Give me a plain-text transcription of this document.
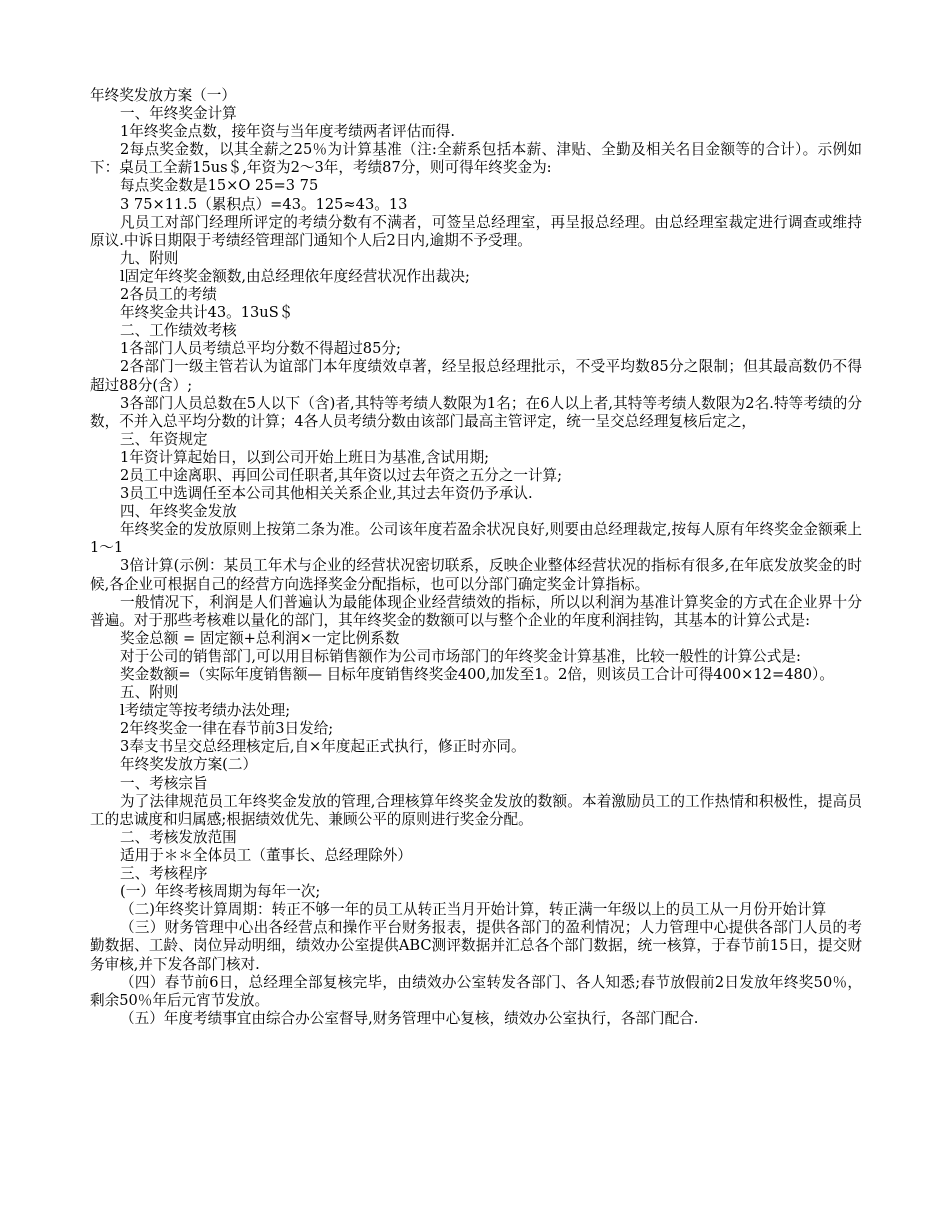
年终奖发放方案（一）

一、年终奖金计算

1年终奖金点数，接年资与当年度考绩两者评估而得.

2每点奖金数，以其全薪之25％为计算基准（注:全薪系包括本薪、津贴、全勤及相关名目金额等的合计）。示例如下：桌员工全薪15us＄,年资为2～3年，考绩87分，则可得年终奖金为:

每点奖金数是15×O 25=3 75

3 75×11.5（累积点）=43。125≈43。13

凡员工对部门经理所评定的考绩分数有不满者，可签呈总经理室，再呈报总经理。由总经理室裁定进行调查或维持原议.中诉日期限于考绩经管理部门通知个人后2日内,逾期不予受理。

九、附则

l固定年终奖金额数,由总经理依年度经营状况作出裁决;

2各员工的考绩

年终奖金共计43。13uS＄

二、工作绩效考核

1各部门人员考绩总平均分数不得超过85分;

2各部门一级主管若认为谊部门本年度绩效卓著，经呈报总经理批示，不受平均数85分之限制；但其最高数仍不得超过88分(含）;

3各部门人员总数在5人以下（含)者,其特等考绩人数限为1名；在6人以上者,其特等考绩人数限为2名.特等考绩的分数，不并入总平均分数的计算；4各人员考绩分数由该部门最高主管评定，统一呈交总经理复核后定之，

三、年资规定

1年资计算起始日，以到公司开始上班日为基准,含试用期;

2员工中途离职、再回公司任职者,其年资以过去年资之五分之一计算;

3员工中选调任至本公司其他相关关系企业,其过去年资仍予承认.

四、年终奖金发放

年终奖金的发放原则上按第二条为准。公司该年度若盈余状况良好,则要由总经理裁定,按每人原有年终奖金金额乘上1～1

3倍计算(示例：某员工年术与企业的经营状况密切联系，反映企业整体经营状况的指标有很多,在年底发放奖金的时候,各企业可根据自己的经营方向选择奖金分配指标，也可以分部门确定奖金计算指标。

一般情况下，利润是人们普遍认为最能体现企业经营绩效的指标，所以以利润为基准计算奖金的方式在企业界十分普遍。对于那些考核难以量化的部门，其年终奖金的数额可以与整个企业的年度利润挂钩，其基本的计算公式是:

奖金总额 = 固定额+总利润×一定比例系数

对于公司的销售部门,可以用目标销售额作为公司市场部门的年终奖金计算基准，比较一般性的计算公式是:

奖金数额=（实际年度销售额— 目标年度销售终奖金400,加发至1。2倍，则该员工合计可得400×12=480）。

五、附则

l考绩定等按考绩办法处理;

2年终奖金一律在春节前3日发给;

3奉支书呈交总经理核定后,自×年度起正式执行，修正时亦同。

年终奖发放方案(二）

一、考核宗旨

为了法律规范员工年终奖金发放的管理,合理核算年终奖金发放的数额。本着激励员工的工作热情和积极性，提高员工的忠诚度和归属感;根据绩效优先、兼顾公平的原则进行奖金分配。

二、考核发放范围

适用于＊＊全体员工（董事长、总经理除外）

三、考核程序

(一）年终考核周期为每年一次;

（二)年终奖计算周期：转正不够一年的员工从转正当月开始计算，转正满一年级以上的员工从一月份开始计算

（三）财务管理中心出各经营点和操作平台财务报表，提供各部门的盈利情况；人力管理中心提供各部门人员的考勤数据、工龄、岗位异动明细，绩效办公室提供ABC测评数据并汇总各个部门数据，统一核算，于春节前15日，提交财务审核,并下发各部门核对.

（四）春节前6日，总经理全部复核完毕，由绩效办公室转发各部门、各人知悉;春节放假前2日发放年终奖50％，剩余50％年后元宵节发放。

（五）年度考绩事宜由综合办公室督导,财务管理中心复核，绩效办公室执行，各部门配合.
